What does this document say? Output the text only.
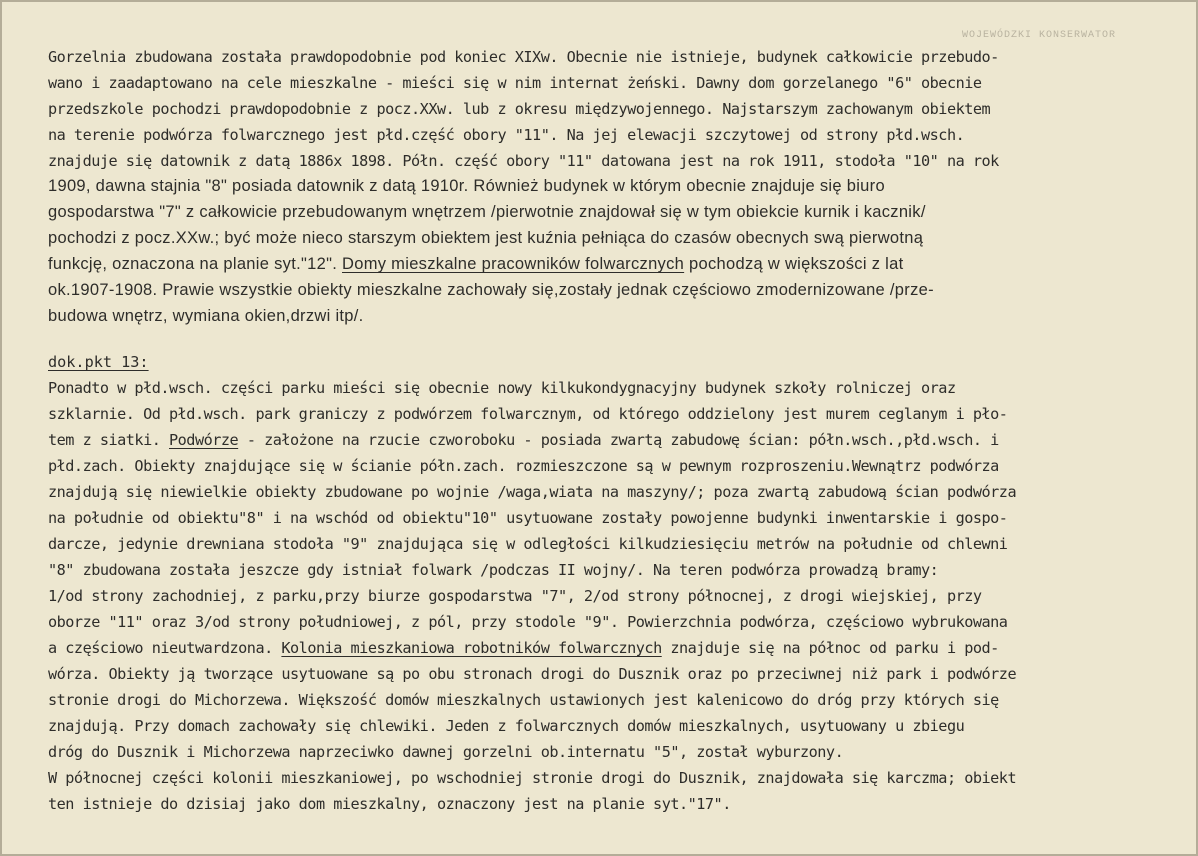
WOJEWÓDZKI KONSERWATOR
Gorzelnia zbudowana została prawdopodobnie pod koniec XIXw. Obecnie nie istnieje, budynek całkowicie przebudo-
wano i zaadaptowano na cele mieszkalne - mieści się w nim internat żeński. Dawny dom gorzelanego "6" obecnie
przedszkole pochodzi prawdopodobnie z pocz.XXw. lub z okresu międzywojennego. Najstarszym zachowanym obiektem
na terenie podwórza folwarcznego jest płd.część obory "11". Na jej elewacji szczytowej od strony płd.wsch.
znajduje się datownik z datą 1886x 1898. Półn. część obory "11" datowana jest na rok 1911, stodoła "10" na rok
1909, dawna stajnia "8" posiada datownik z datą 1910r. Również budynek w którym obecnie znajduje się biuro
gospodarstwa "7" z całkowicie przebudowanym wnętrzem /pierwotnie znajdował się w tym obiekcie kurnik i kacznik/
pochodzi z pocz.XXw.; być może nieco starszym obiektem jest kuźnia pełniąca do czasów obecnych swą pierwotną
funkcję, oznaczona na planie syt."12". Domy mieszkalne pracowników folwarcznych pochodzą w większości z lat
ok.1907-1908. Prawie wszystkie obiekty mieszkalne zachowały się,zostały jednak częściowo zmodernizowane /prze-
budowa wnętrz, wymiana okien,drzwi itp/.
dok.pkt 13:
Ponadto w płd.wsch. części parku mieści się obecnie nowy kilkukondygnacyjny budynek szkoły rolniczej oraz
szklarnie. Od płd.wsch. park graniczy z podwórzem folwarcznym, od którego oddzielony jest murem ceglanym i pło-
tem z siatki. Podwórze - założone na rzucie czworoboku - posiada zwartą zabudowę ścian: półn.wsch.,płd.wsch. i
płd.zach. Obiekty znajdujące się w ścianie półn.zach. rozmieszczone są w pewnym rozproszeniu.Wewnątrz podwórza
znajdują się niewielkie obiekty zbudowane po wojnie /waga,wiata na maszyny/; poza zwartą zabudową ścian podwórza
na południe od obiektu"8" i na wschód od obiektu"10" usytuowane zostały powojenne budynki inwentarskie i gospo-
darcze, jedynie drewniana stodoła "9" znajdująca się w odległości kilkudziesięciu metrów na południe od chlewni
"8" zbudowana została jeszcze gdy istniał folwark /podczas II wojny/. Na teren podwórza prowadzą bramy:
1/od strony zachodniej, z parku,przy biurze gospodarstwa "7", 2/od strony północnej, z drogi wiejskiej, przy
oborze "11" oraz 3/od strony południowej, z pól, przy stodole "9". Powierzchnia podwórza, częściowo wybrukowana
a częściowo nieutwardzona. Kolonia mieszkaniowa robotników folwarcznych znajduje się na północ od parku i pod-
wórza. Obiekty ją tworzące usytuowane są po obu stronach drogi do Dusznik oraz po przeciwnej niż park i podwórze
stronie drogi do Michorzewa. Większość domów mieszkalnych ustawionych jest kalenicowo do dróg przy których się
znajdują. Przy domach zachowały się chlewiki. Jeden z folwarcznych domów mieszkalnych, usytuowany u zbiegu
dróg do Dusznik i Michorzewa naprzeciwko dawnej gorzelni ob.internatu "5", został wyburzony.
W północnej części kolonii mieszkaniowej, po wschodniej stronie drogi do Dusznik, znajdowała się karczma; obiekt
ten istnieje do dzisiaj jako dom mieszkalny, oznaczony jest na planie syt."17".
